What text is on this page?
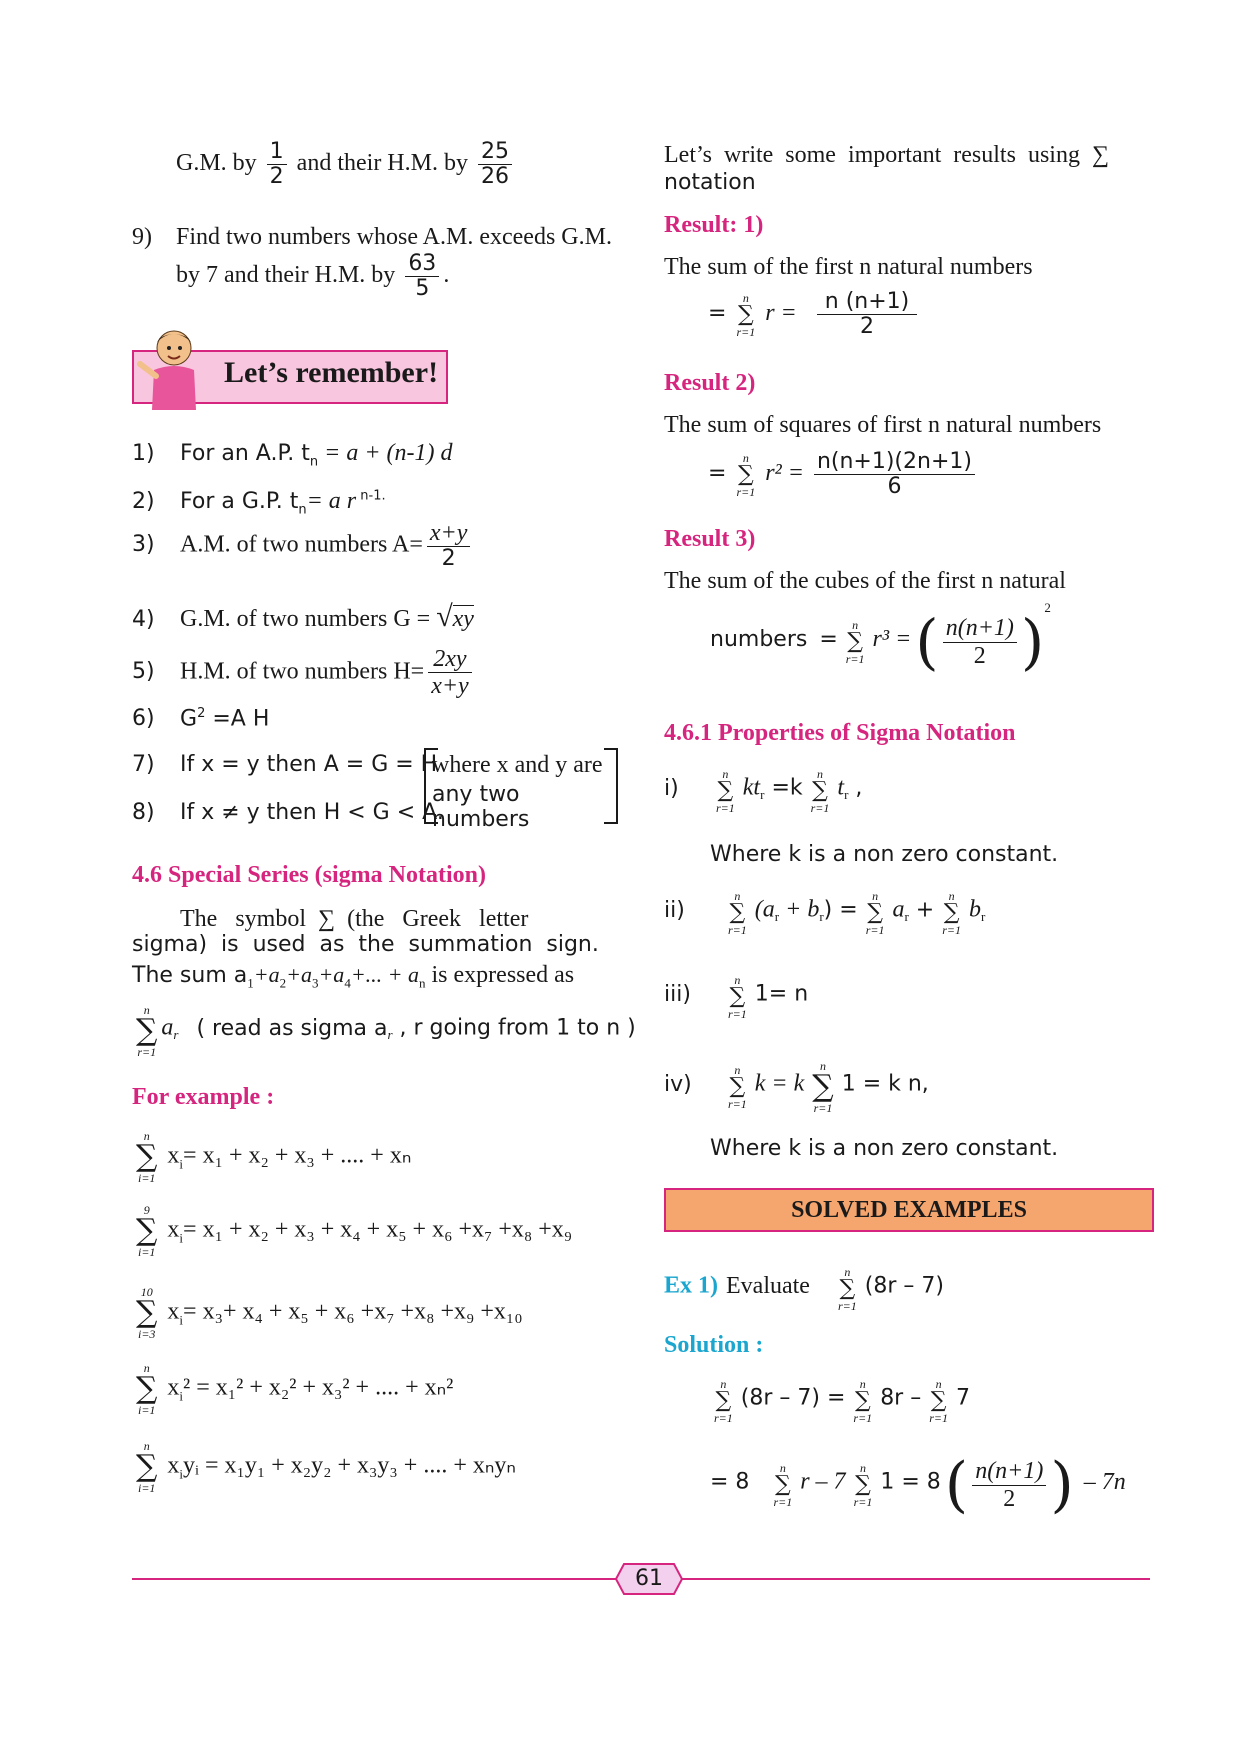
G.M. by $\frac{1}{2}$ and their H.M. by $\frac{25}{26}$
9) Find two numbers whose A.M. exceeds G.M.
by 7 and their H.M. by $\frac{63}{5}$ .
Let’s remember!
1) For an A.P. $t_n = a + (n-1)$ d
2) For a G.P. $t_n= a$ r $^{n-1.}$
3) A.M. of two numbers $A= \frac{x+y}{2}$
4) G.M. of two numbers G = √xy
5) H.M. of two numbers $H= \frac{2xy}{x+y}$
6) $G^2 =A$ H
7) If x = y then A = G = H
8) If x ≠ y then H < G < A.
where x and y are
any two numbers
4.6 Special Series (sigma Notation)
The   symbol  ∑  (the   Greek   letter
sigma)  is  used  as  the  summation  sign.
The sum $a_1+a_2+a_3+a_4+$... + $a_n$ is expressed as
n
∑
r=1
$a_r$ ( read as sigma $a_r$ , r going from 1 to n )
For example :
n
∑
i=1
$x_i= x_1 + x_2 + x_3$ + .... + xₙ
9
∑
i=1
$x_i= x_1 + x_2 + x_3 + x_4 + x_5 + x_6 +x_7 +x_8 +x_9$
10
∑
i=3
$x_i= x_3+ x_4 + x_5 + x_6 +x_7 +x_8 +x_9 +x_{10}$
n
∑
i=1
$x_i^2 = x_1^2 + x_2^2 + x_3^2$ + .... + xₙ²
n
∑
i=1
$x_iyᵢ = x_1y_1 + x_2y_2 + x_3y_3$ + .... + xₙyₙ
Let’s  write  some  important  results  using  ∑
notation
Result: 1)
The sum of the first n natural numbers
=
n
∑
r=1
$r = \frac{n (n+1)}{2}$
Result 2)
The sum of squares of first n natural numbers
=
n
∑
r=1
$r^2 = \frac{n(n+1)(2n+1)}{6}$
Result 3)
The sum of the cubes of the first n natural
numbers =
n
∑
r=1
r³ = ( $\frac{n(n+1)}{2} )^2$
4.6.1 Properties of Sigma Notation
i)
n
∑
r=1
$kt_r =k$
n
∑
r=1
$t_r$ ,
Where k is a non zero constant.
ii)
n
∑
r=1
$(a_r + b_r)$ =
n
∑
r=1
$a_r$ +
n
∑
r=1
$b_r$
iii)
n
∑
r=1
1= n
iv)
n
∑
r=1
k = k
n
∑
r=1
1 = k n,
Where k is a non zero constant.
SOLVED EXAMPLES
Ex 1) Evaluate
n
∑
r=1
(8r – 7)
Solution :
n
∑
r=1
(8r – 7) =
n
∑
r=1
8r –
n
∑
r=1
7
= 8
n
∑
r=1
r – 7
n
∑
r=1
1 = 8 ( $\frac{n(n+1)}{2}$ ) – 7n
61
